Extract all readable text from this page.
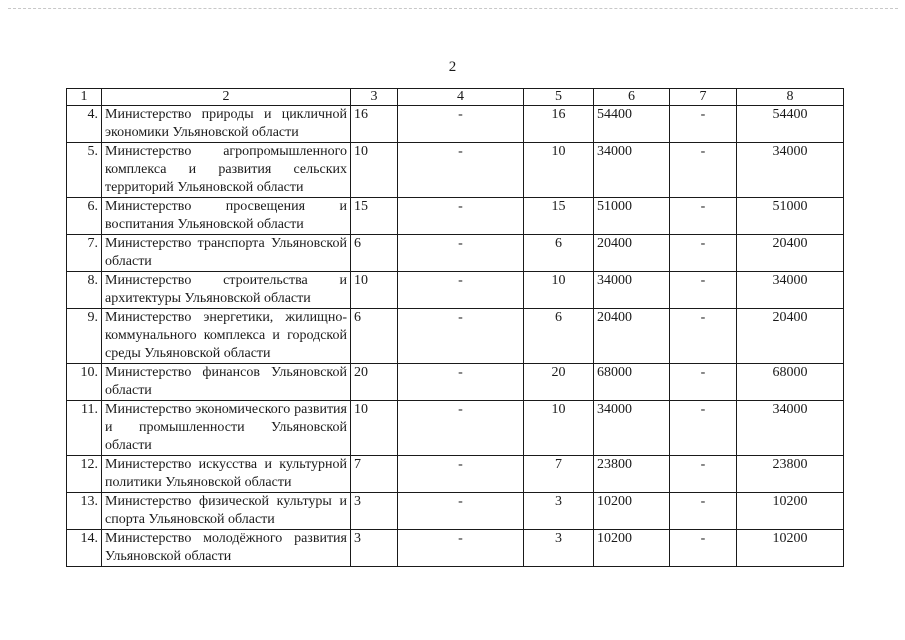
2
1	2	3	4	5	6	7	8
4.	Министерство природы и цикличной экономики Ульяновской области	16	-	16	54400	-	54400
5.	Министерство агропромышленного комплекса и развития сельских территорий Ульяновской области	10	-	10	34000	-	34000
6.	Министерство просвещения и воспитания Ульяновской области	15	-	15	51000	-	51000
7.	Министерство транспорта Ульяновской области	6	-	6	20400	-	20400
8.	Министерство строительства и архитектуры Ульяновской области	10	-	10	34000	-	34000
9.	Министерство энергетики, жилищно-коммунального комплекса и городской среды Ульяновской области	6	-	6	20400	-	20400
10.	Министерство финансов Ульяновской области	20	-	20	68000	-	68000
11.	Министерство экономического развития и промышленности Ульяновской области	10	-	10	34000	-	34000
12.	Министерство искусства и культурной политики Ульяновской области	7	-	7	23800	-	23800
13.	Министерство физической культуры и спорта Ульяновской области	3	-	3	10200	-	10200
14.	Министерство молодёжного развития Ульяновской области	3	-	3	10200	-	10200
